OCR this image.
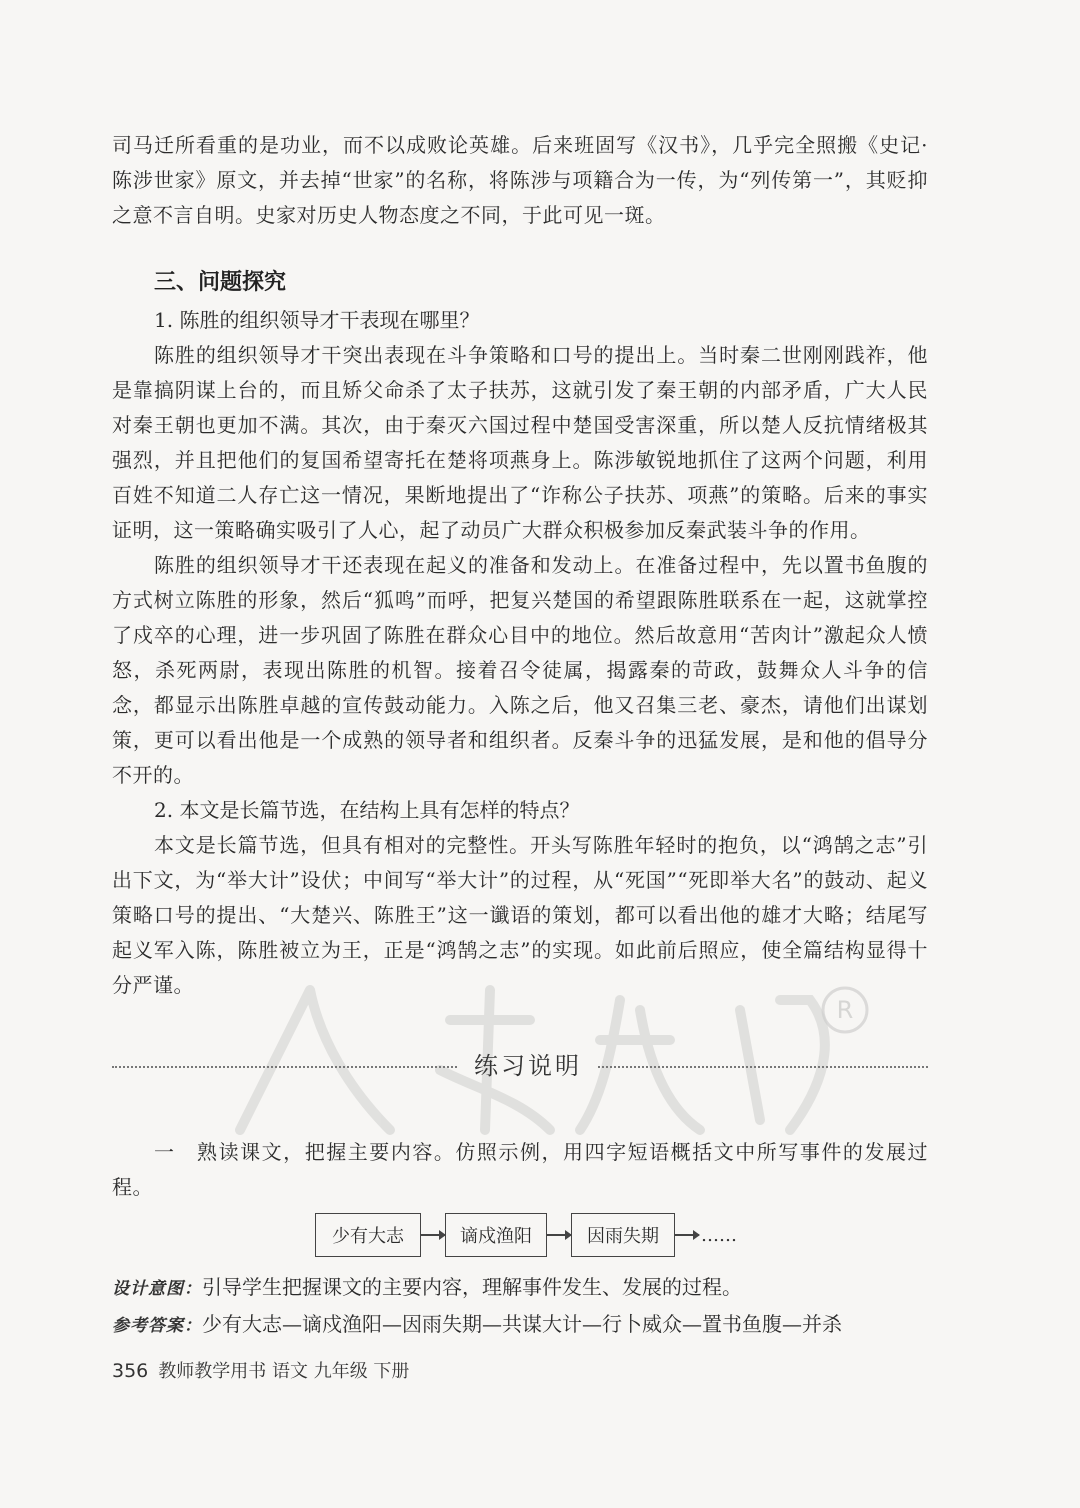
司马迁所看重的是功业，而不以成败论英雄。后来班固写《汉书》，几乎完全照搬《史记·陈涉世家》原文，并去掉“世家”的名称，将陈涉与项籍合为一传，为“列传第一”，其贬抑之意不言自明。史家对历史人物态度之不同，于此可见一斑。

三、问题探究

1. 陈胜的组织领导才干表现在哪里？

陈胜的组织领导才干突出表现在斗争策略和口号的提出上。当时秦二世刚刚践祚，他是靠搞阴谋上台的，而且矫父命杀了太子扶苏，这就引发了秦王朝的内部矛盾，广大人民对秦王朝也更加不满。其次，由于秦灭六国过程中楚国受害深重，所以楚人反抗情绪极其强烈，并且把他们的复国希望寄托在楚将项燕身上。陈涉敏锐地抓住了这两个问题，利用百姓不知道二人存亡这一情况，果断地提出了“诈称公子扶苏、项燕”的策略。后来的事实证明，这一策略确实吸引了人心，起了动员广大群众积极参加反秦武装斗争的作用。

陈胜的组织领导才干还表现在起义的准备和发动上。在准备过程中，先以置书鱼腹的方式树立陈胜的形象，然后“狐鸣”而呼，把复兴楚国的希望跟陈胜联系在一起，这就掌控了戍卒的心理，进一步巩固了陈胜在群众心目中的地位。然后故意用“苦肉计”激起众人愤怒，杀死两尉，表现出陈胜的机智。接着召令徒属，揭露秦的苛政，鼓舞众人斗争的信念，都显示出陈胜卓越的宣传鼓动能力。入陈之后，他又召集三老、豪杰，请他们出谋划策，更可以看出他是一个成熟的领导者和组织者。反秦斗争的迅猛发展，是和他的倡导分不开的。

2. 本文是长篇节选，在结构上具有怎样的特点？

本文是长篇节选，但具有相对的完整性。开头写陈胜年轻时的抱负，以“鸿鹄之志”引出下文，为“举大计”设伏；中间写“举大计”的过程，从“死国”“死即举大名”的鼓动、起义策略口号的提出、“大楚兴、陈胜王”这一谶语的策划，都可以看出他的雄才大略；结尾写起义军入陈，陈胜被立为王，正是“鸿鹄之志”的实现。如此前后照应，使全篇结构显得十分严谨。

R
练习说明

一　熟读课文，把握主要内容。仿照示例，用四字短语概括文中所写事件的发展过程。

少有大志	谪戍渔阳	因雨失期	……

设计意图：引导学生把握课文的主要内容，理解事件发生、发展的过程。

参考答案：少有大志—谪戍渔阳—因雨失期—共谋大计—行卜威众—置书鱼腹—并杀

356 教师教学用书 语文 九年级 下册
